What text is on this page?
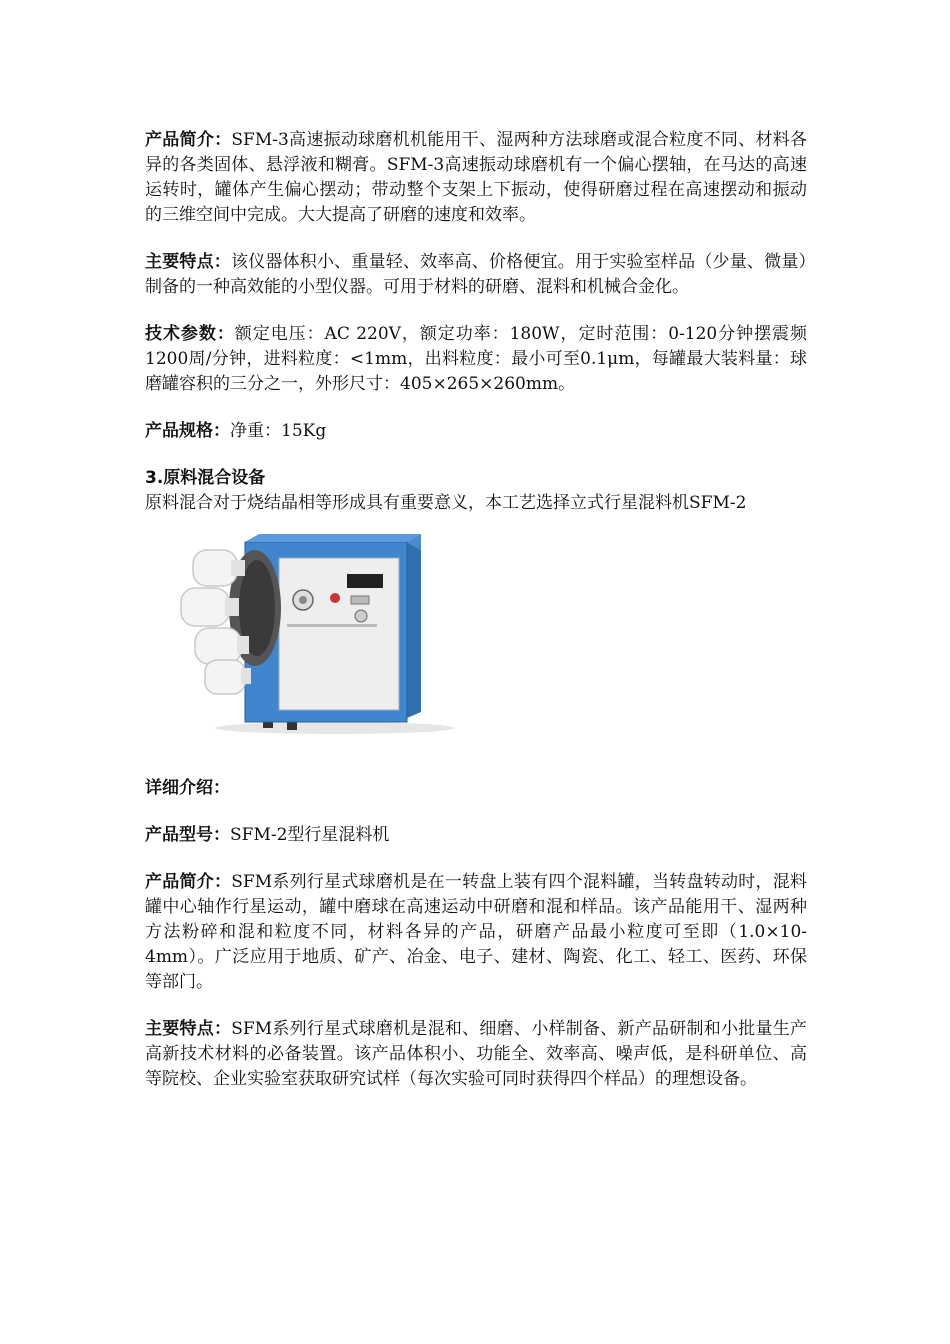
产品简介：SFM-3高速振动球磨机机能用干、湿两种方法球磨或混合粒度不同、材料各异的各类固体、悬浮液和糊膏。SFM-3高速振动球磨机有一个偏心摆轴，在马达的高速运转时，罐体产生偏心摆动；带动整个支架上下振动，使得研磨过程在高速摆动和振动的三维空间中完成。大大提高了研磨的速度和效率。

主要特点：该仪器体积小、重量轻、效率高、价格便宜。用于实验室样品（少量、微量）制备的一种高效能的小型仪器。可用于材料的研磨、混料和机械合金化。

技术参数：额定电压：AC 220V，额定功率：180W，定时范围：0-120分钟摆震频1200周/分钟，进料粒度：<1mm，出料粒度：最小可至0.1μm，每罐最大装料量：球磨罐容积的三分之一，外形尺寸：405×265×260mm。

产品规格：净重：15Kg

3.原料混合设备

原料混合对于烧结晶相等形成具有重要意义，本工艺选择立式行星混料机SFM-2

详细介绍：

产品型号：SFM-2型行星混料机

产品简介：SFM系列行星式球磨机是在一转盘上装有四个混料罐，当转盘转动时，混料罐中心轴作行星运动，罐中磨球在高速运动中研磨和混和样品。该产品能用干、湿两种方法粉碎和混和粒度不同，材料各异的产品，研磨产品最小粒度可至即（1.0×10-4mm）。广泛应用于地质、矿产、冶金、电子、建材、陶瓷、化工、轻工、医药、环保等部门。

主要特点：SFM系列行星式球磨机是混和、细磨、小样制备、新产品研制和小批量生产高新技术材料的必备装置。该产品体积小、功能全、效率高、噪声低，是科研单位、高等院校、企业实验室获取研究试样（每次实验可同时获得四个样品）的理想设备。
